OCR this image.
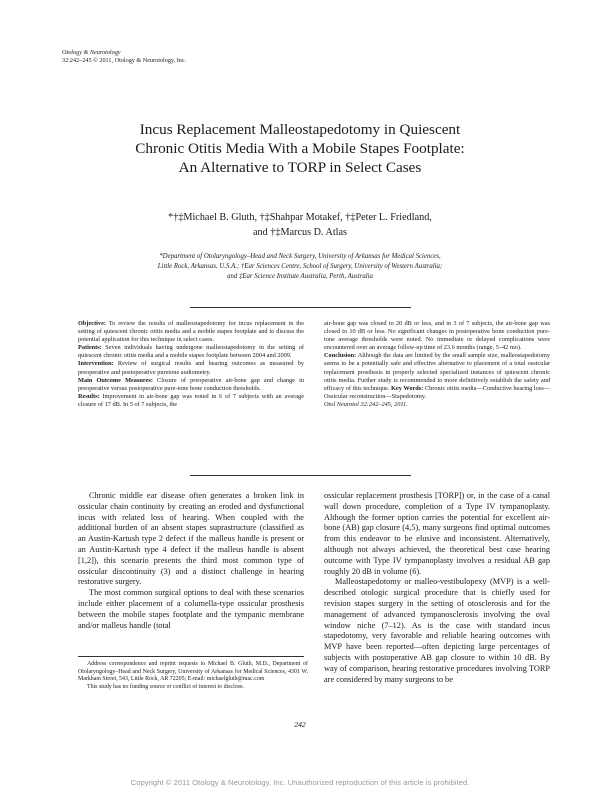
Otology & Neurotology
32:242–245 © 2011, Otology & Neurotology, Inc.
Incus Replacement Malleostapedotomy in Quiescent
Chronic Otitis Media With a Mobile Stapes Footplate:
An Alternative to TORP in Select Cases
*†‡Michael B. Gluth, †‡Shahpar Motakef, †‡Peter L. Friedland,
and †‡Marcus D. Atlas
*Department of Otolaryngology–Head and Neck Surgery, University of Arkansas for Medical Sciences,
Little Rock, Arkansas, U.S.A.; †Ear Sciences Centre, School of Surgery, University of Western Australia;
and ‡Ear Science Institute Australia, Perth, Australia

Objective: To review the results of malleostapedotomy for incus replacement in the setting of quiescent chronic otitis media and a mobile stapes footplate and to discuss the potential application for this technique in select cases.

Patients: Seven individuals having undergone malleostapedotomy in the setting of quiescent chronic otitis media and a mobile stapes footplate between 2004 and 2009.

Intervention: Review of surgical results and hearing outcomes as measured by preoperative and postoperative puretone audiometry.

Main Outcome Measures: Closure of preoperative air-bone gap and change in preoperative versus postoperative pure-tone bone conduction thresholds.

Results: Improvement in air-bone gap was noted in 6 of 7 subjects with an average closure of 17 dB. In 5 of 7 subjects, the

air-bone gap was closed to 20 dB or less, and in 3 of 7 subjects, the air-bone gap was closed to 10 dB or less. No significant changes in postoperative bone conduction pure-tone average thresholds were noted. No immediate or delayed complications were encountered over an average follow-up time of 23.6 months (range, 5–42 mo).

Conclusion: Although the data are limited by the small sample size, malleostapedotomy seems to be a potentially safe and effective alternative to placement of a total ossicular replacement prosthesis in properly selected specialized instances of quiescent chronic otitis media. Further study is recommended to more definitively establish the safety and efficacy of this technique. Key Words: Chronic otitis media—Conductive hearing loss—Ossicular reconstruction—Stapedotomy.

Otol Neurotol 32:242–245, 2011.

Chronic middle ear disease often generates a broken link in ossicular chain continuity by creating an eroded and dysfunctional incus with related loss of hearing. When coupled with the additional burden of an absent stapes suprastructure (classified as an Austin-Kartush type 2 defect if the malleus handle is present or an Austin-Kartush type 4 defect if the malleus handle is absent [1,2]), this scenario presents the third most common type of ossicular discontinuity (3) and a distinct challenge in hearing restorative surgery.

The most common surgical options to deal with these scenarios include either placement of a columella-type ossicular prosthesis between the mobile stapes footplate and the tympanic membrane and/or malleus handle (total

Address correspondence and reprint requests to Michael B. Gluth, M.D., Department of Otolaryngology–Head and Neck Surgery, University of Arkansas for Medical Sciences, 4301 W. Markham Street, 543, Little Rock, AR 72205; E-mail: michaelgluth@mac.com

This study has no funding source or conflict of interest to disclose.

ossicular replacement prosthesis [TORP]) or, in the case of a canal wall down procedure, completion of a Type IV tympanoplasty. Although the former option carries the potential for excellent air-bone (AB) gap closure (4,5), many surgeons find optimal outcomes from this endeavor to be elusive and inconsistent. Alternatively, although not always achieved, the theoretical best case hearing outcome with Type IV tympanoplasty involves a residual AB gap roughly 20 dB in volume (6).

Malleostapedotomy or malleo-vestibulopexy (MVP) is a well-described otologic surgical procedure that is chiefly used for revision stapes surgery in the setting of otosclerosis and for the management of advanced tympanosclerosis involving the oval window niche (7–12). As is the case with standard incus stapedotomy, very favorable and reliable hearing outcomes with MVP have been reported—often depicting large percentages of subjects with postoperative AB gap closure to within 10 dB. By way of comparison, hearing restorative procedures involving TORP are considered by many surgeons to be

242
Copyright © 2011 Otology & Neurotology, Inc. Unauthorized reproduction of this article is prohibited.
